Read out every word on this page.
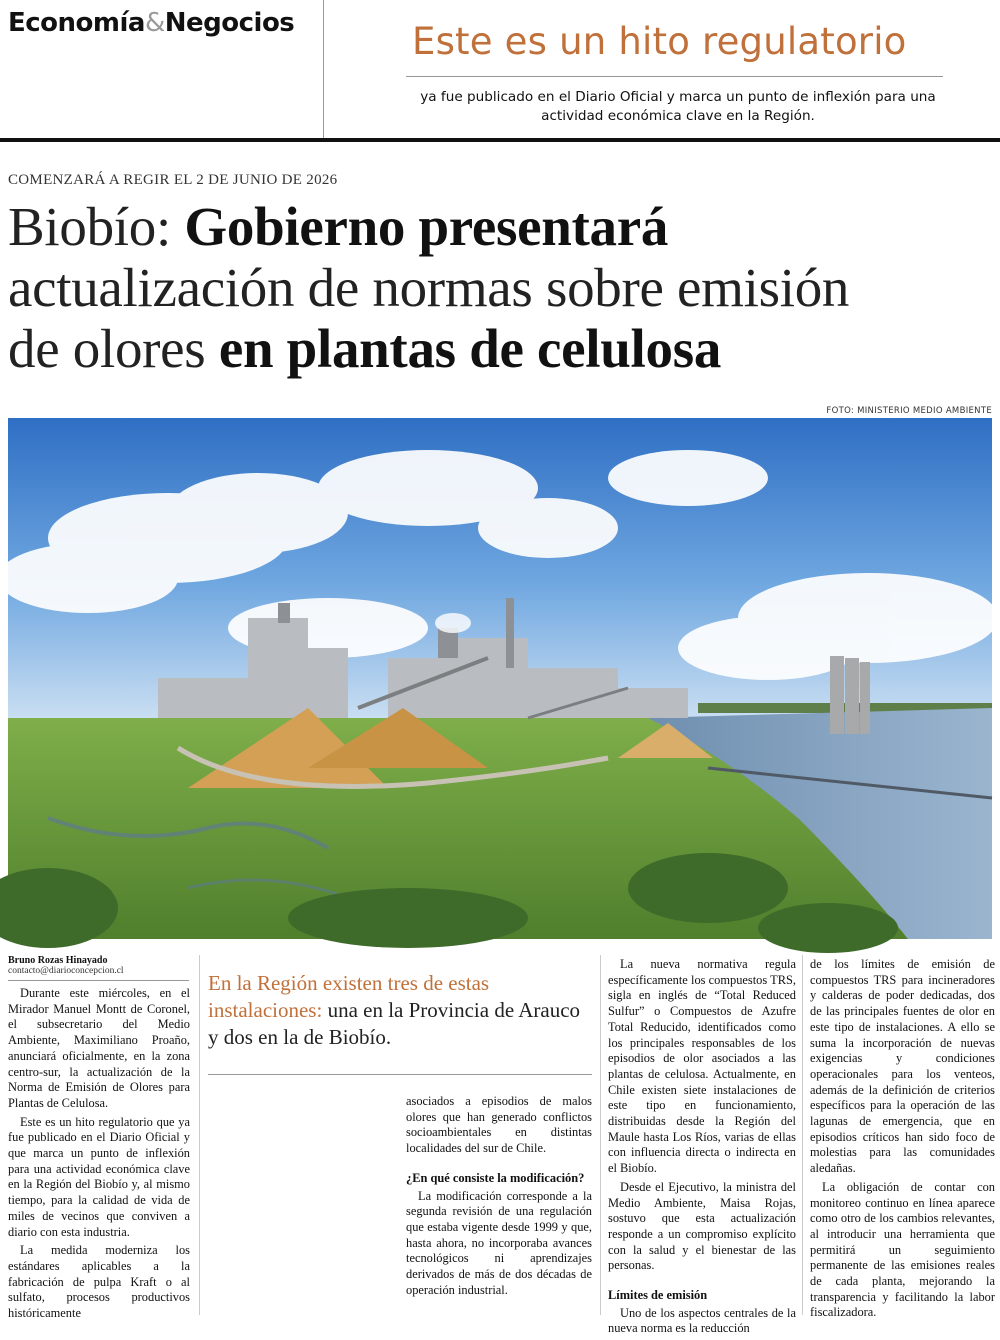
Economía&Negocios	Este es un hito regulatorio
ya fue publicado en el Diario Oficial y marca un punto de inflexión para una actividad económica clave en la Región.
COMENZARÁ A REGIR EL 2 DE JUNIO DE 2026
Biobío: Gobierno presentará
actualización de normas sobre emisión
de olores en plantas de celulosa
FOTO: MINISTERIO MEDIO AMBIENTE
Bruno Rozas Hinayado
contacto@diarioconcepcion.cl

Durante este miércoles, en el Mirador Manuel Montt de Coronel, el subsecretario del Medio Ambiente, Maximiliano Proaño, anunciará oficialmente, en la zona centro-sur, la actualización de la Norma de Emisión de Olores para Plantas de Celulosa.

Este es un hito regulatorio que ya fue publicado en el Diario Oficial y que marca un punto de inflexión para una actividad económica clave en la Región del Biobío y, al mismo tiempo, para la calidad de vida de miles de vecinos que conviven a diario con esta industria.

La medida moderniza los estándares aplicables a la fabricación de pulpa Kraft o al sulfato, procesos productivos históricamente

En la Región existen tres de estas instalaciones: una en la Provincia de Arauco y dos en la de Biobío.

asociados a episodios de malos olores que han generado conflictos socioambientales en distintas localidades del sur de Chile.

¿En qué consiste la modificación?

La modificación corresponde a la segunda revisión de una regulación que estaba vigente desde 1999 y que, hasta ahora, no incorporaba avances tecnológicos ni aprendizajes derivados de más de dos décadas de operación industrial.

La nueva normativa regula específicamente los compuestos TRS, sigla en inglés de “Total Reduced Sulfur” o Compuestos de Azufre Total Reducido, identificados como los principales responsables de los episodios de olor asociados a las plantas de celulosa. Actualmente, en Chile existen siete instalaciones de este tipo en funcionamiento, distribuidas desde la Región del Maule hasta Los Ríos, varias de ellas con influencia directa o indirecta en el Biobío.

Desde el Ejecutivo, la ministra del Medio Ambiente, Maisa Rojas, sostuvo que esta actualización responde a un compromiso explícito con la salud y el bienestar de las personas.

Límites de emisión

Uno de los aspectos centrales de la nueva norma es la reducción

de los límites de emisión de compuestos TRS para incineradores y calderas de poder dedicadas, dos de las principales fuentes de olor en este tipo de instalaciones. A ello se suma la incorporación de nuevas exigencias y condiciones operacionales para los venteos, además de la definición de criterios específicos para la operación de las lagunas de emergencia, que en episodios críticos han sido foco de molestias para las comunidades aledañas.

La obligación de contar con monitoreo continuo en línea aparece como otro de los cambios relevantes, al introducir una herramienta que permitirá un seguimiento permanente de las emisiones reales de cada planta, mejorando la transparencia y facilitando la labor fiscalizadora.
